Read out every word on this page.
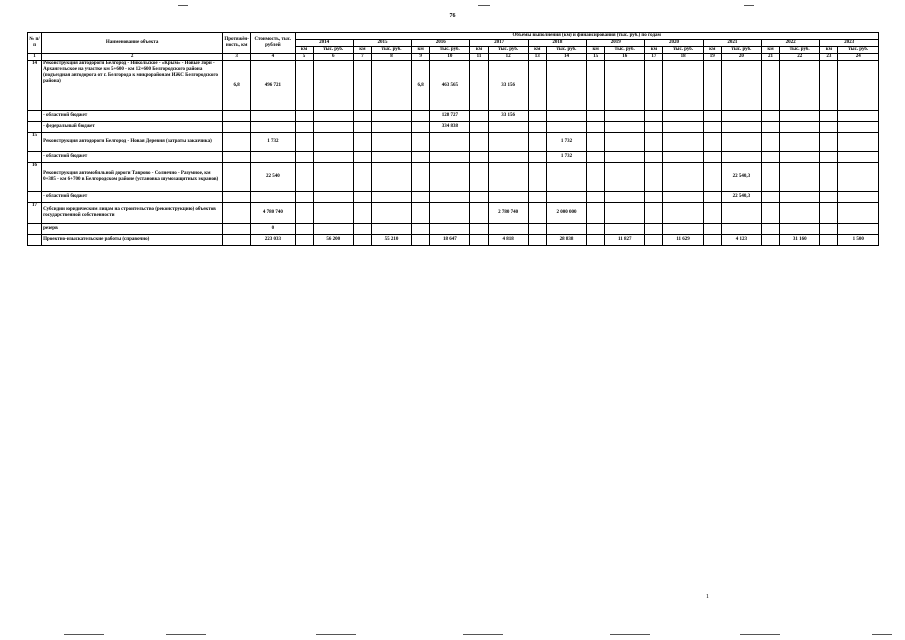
76
№ п/п	Наименование объекта	Протяжён-ность, км	Стоимость, тыс. рублей	Объёмы выполнения (км) и финансирования (тыс. руб.) по годам																			
				2014		2015		2016		2017		2018		2019		2020		2021		2022		2023	
				км	тыс. руб.	км	тыс. руб.	км	тыс. руб.	км	тыс. руб.	км	тыс. руб.	км	тыс. руб.	км	тыс. руб.	км	тыс. руб.	км	тыс. руб.	км	тыс. руб.
1	2	3	4	5	6	7	8	9	10	11	12	13	14	15	16	17	18	19	20	21	22	23	24
14	Реконструкция автодороги Белгород - Никольское - «Крым» - Новые Зори - Архангельское на участке км 5+600 - км 12+600 Белгородского района (подъездная автодорога от г. Белгорода к микрорайонам ИЖС Белгородского района)	6,8	496 721					6,8	463 565		33 156												
	- областной бюджет								128 727		33 156												
	- федеральный бюджет								334 838														
15	Реконструкция автодороги Белгород - Новая Деревня (затраты заказчика)		1 732										1 732										
	- областной бюджет												1 732										
16	Реконструкция автомобильной дороги Таврово - Солнечно - Разумное, км 0+385 - км 6+700 в Белгородском районе (установка шумозащитных экранов)		22 540																22 540,3				
	- областной бюджет																		22 540,3				
17	Субсидии юридическим лицам на строительство (реконструкцию) объектов государственной собственности		4 780 740								2 780 740		2 000 000										
	резерв		0																				
	Проектно-изыскательские работы (справочно)		223 033		56 200		55 210		18 647		4 818		28 838		11 827		11 629		4 123		31 160		1 500
1
